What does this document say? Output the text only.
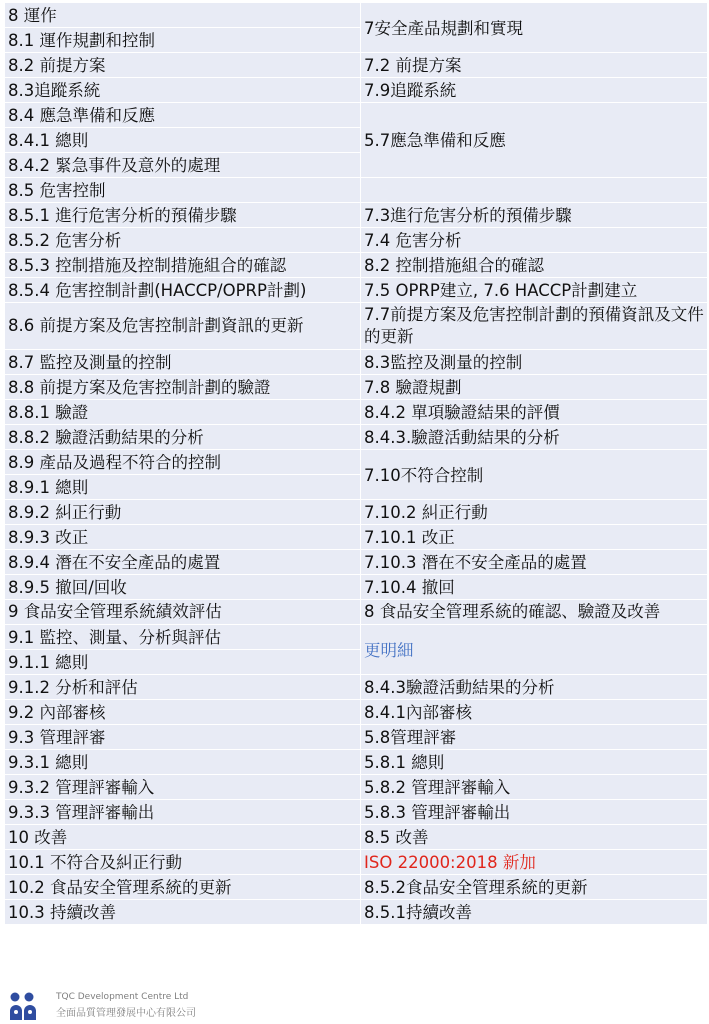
8 運作	7安全產品規劃和實現
8.1 運作規劃和控制	
8.2 前提方案	7.2 前提方案
8.3追蹤系統	7.9追蹤系統
8.4 應急準備和反應	5.7應急準備和反應
8.4.1 總則	
8.4.2 緊急事件及意外的處理	
8.5 危害控制	
8.5.1 進行危害分析的預備步驟	7.3進行危害分析的預備步驟
8.5.2 危害分析	7.4 危害分析
8.5.3 控制措施及控制措施組合的確認	8.2 控制措施組合的確認
8.5.4 危害控制計劃(HACCP/OPRP計劃)	7.5 OPRP建立, 7.6 HACCP計劃建立
8.6 前提方案及危害控制計劃資訊的更新	7.7前提方案及危害控制計劃的預備資訊及文件的更新
8.7 監控及測量的控制	8.3監控及測量的控制
8.8 前提方案及危害控制計劃的驗證	7.8 驗證規劃
8.8.1 驗證	8.4.2 單項驗證結果的評價
8.8.2 驗證活動結果的分析	8.4.3.驗證活動結果的分析
8.9 產品及過程不符合的控制	7.10不符合控制
8.9.1 總則	
8.9.2 糾正行動	7.10.2 糾正行動
8.9.3 改正	7.10.1 改正
8.9.4 潛在不安全產品的處置	7.10.3 潛在不安全產品的處置
8.9.5 撤回/回收	7.10.4 撤回
9 食品安全管理系統績效評估	8 食品安全管理系統的確認、驗證及改善
9.1 監控、測量、分析與評估	更明細
9.1.1 總則	
9.1.2 分析和評估	8.4.3驗證活動結果的分析
9.2 內部審核	8.4.1內部審核
9.3 管理評審	5.8管理評審
9.3.1 總則	5.8.1 總則
9.3.2 管理評審輸入	5.8.2 管理評審輸入
9.3.3 管理評審輸出	5.8.3 管理評審輸出
10 改善	8.5 改善
10.1 不符合及糾正行動	ISO 22000:2018 新加
10.2 食品安全管理系統的更新	8.5.2食品安全管理系統的更新
10.3 持續改善	8.5.1持續改善
TQC Development Centre Ltd
全面品質管理發展中心有限公司
